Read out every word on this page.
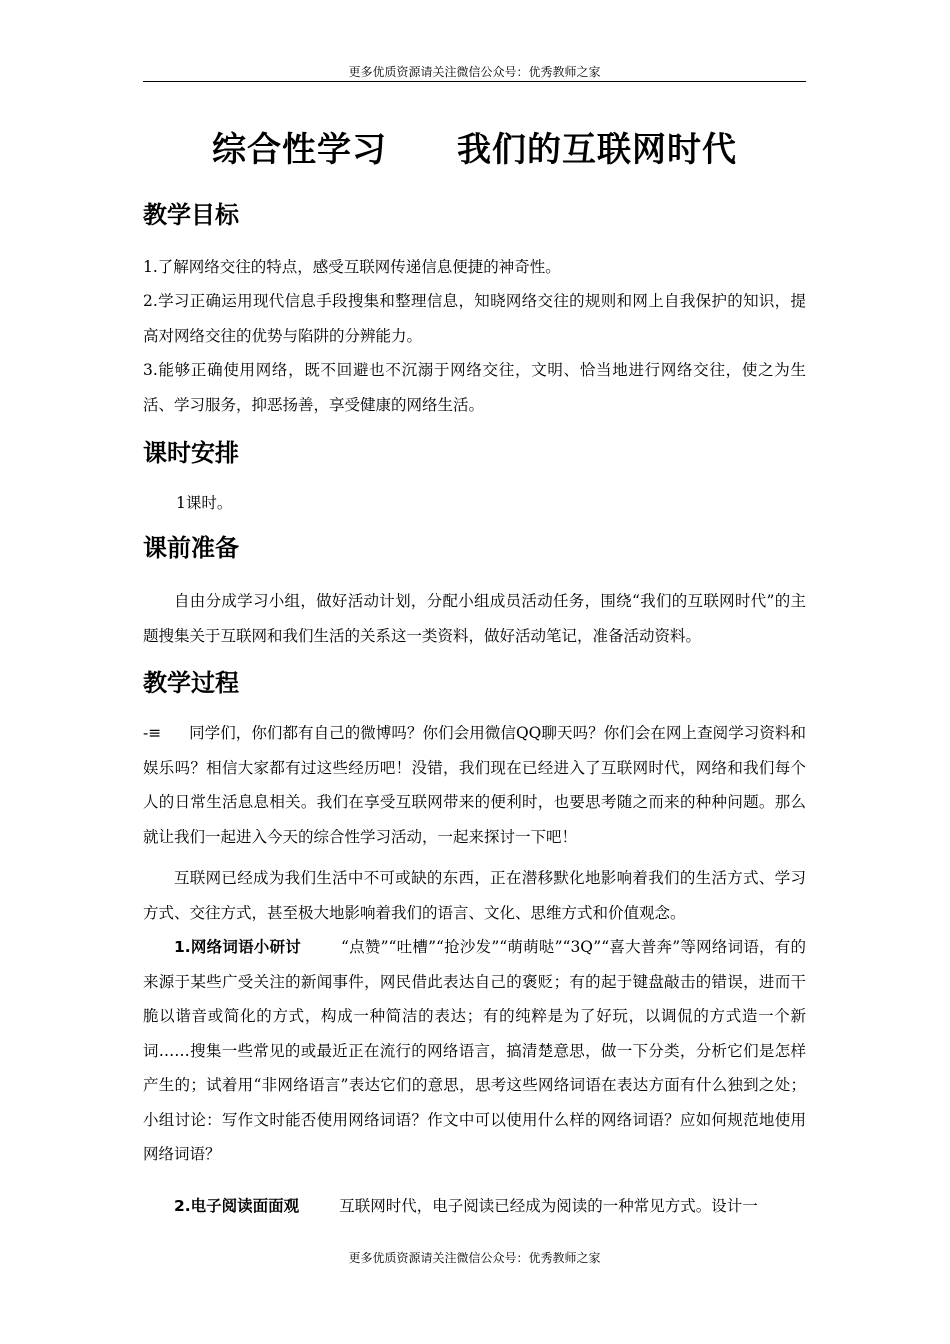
更多优质资源请关注微信公众号：优秀教师之家
综合性学习　　我们的互联网时代
教学目标
1.了解网络交往的特点，感受互联网传递信息便捷的神奇性。
2.学习正确运用现代信息手段搜集和整理信息，知晓网络交往的规则和网上自我保护的知识，提高对网络交往的优势与陷阱的分辨能力。
3.能够正确使用网络，既不回避也不沉溺于网络交往，文明、恰当地进行网络交往，使之为生活、学习服务，抑恶扬善，享受健康的网络生活。
课时安排
1课时。
课前准备
自由分成学习小组，做好活动计划，分配小组成员活动任务，围绕“我们的互联网时代”的主题搜集关于互联网和我们生活的关系这一类资料，做好活动笔记，准备活动资料。
教学过程
-≡ 同学们，你们都有自己的微博吗？你们会用微信QQ聊天吗？你们会在网上查阅学习资料和娱乐吗？相信大家都有过这些经历吧！没错，我们现在已经进入了互联网时代，网络和我们每个人的日常生活息息相关。我们在享受互联网带来的便利时，也要思考随之而来的种种问题。那么就让我们一起进入今天的综合性学习活动，一起来探讨一下吧！
互联网已经成为我们生活中不可或缺的东西，正在潜移默化地影响着我们的生活方式、学习方式、交往方式，甚至极大地影响着我们的语言、文化、思维方式和价值观念。
1.网络词语小研讨	“点赞”“吐槽”“抢沙发”“萌萌哒”“3Q”“喜大普奔”等网络词语，有的来源于某些广受关注的新闻事件，网民借此表达自己的褒贬；有的起于键盘敲击的错误，进而干脆以谐音或简化的方式，构成一种简洁的表达；有的纯粹是为了好玩，以调侃的方式造一个新词……搜集一些常见的或最近正在流行的网络语言，搞清楚意思，做一下分类，分析它们是怎样产生的；试着用“非网络语言”表达它们的意思，思考这些网络词语在表达方面有什么独到之处；小组讨论：写作文时能否使用网络词语？作文中可以使用什么样的网络词语？应如何规范地使用网络词语？
2.电子阅读面面观	互联网时代，电子阅读已经成为阅读的一种常见方式。设计一
更多优质资源请关注微信公众号：优秀教师之家
